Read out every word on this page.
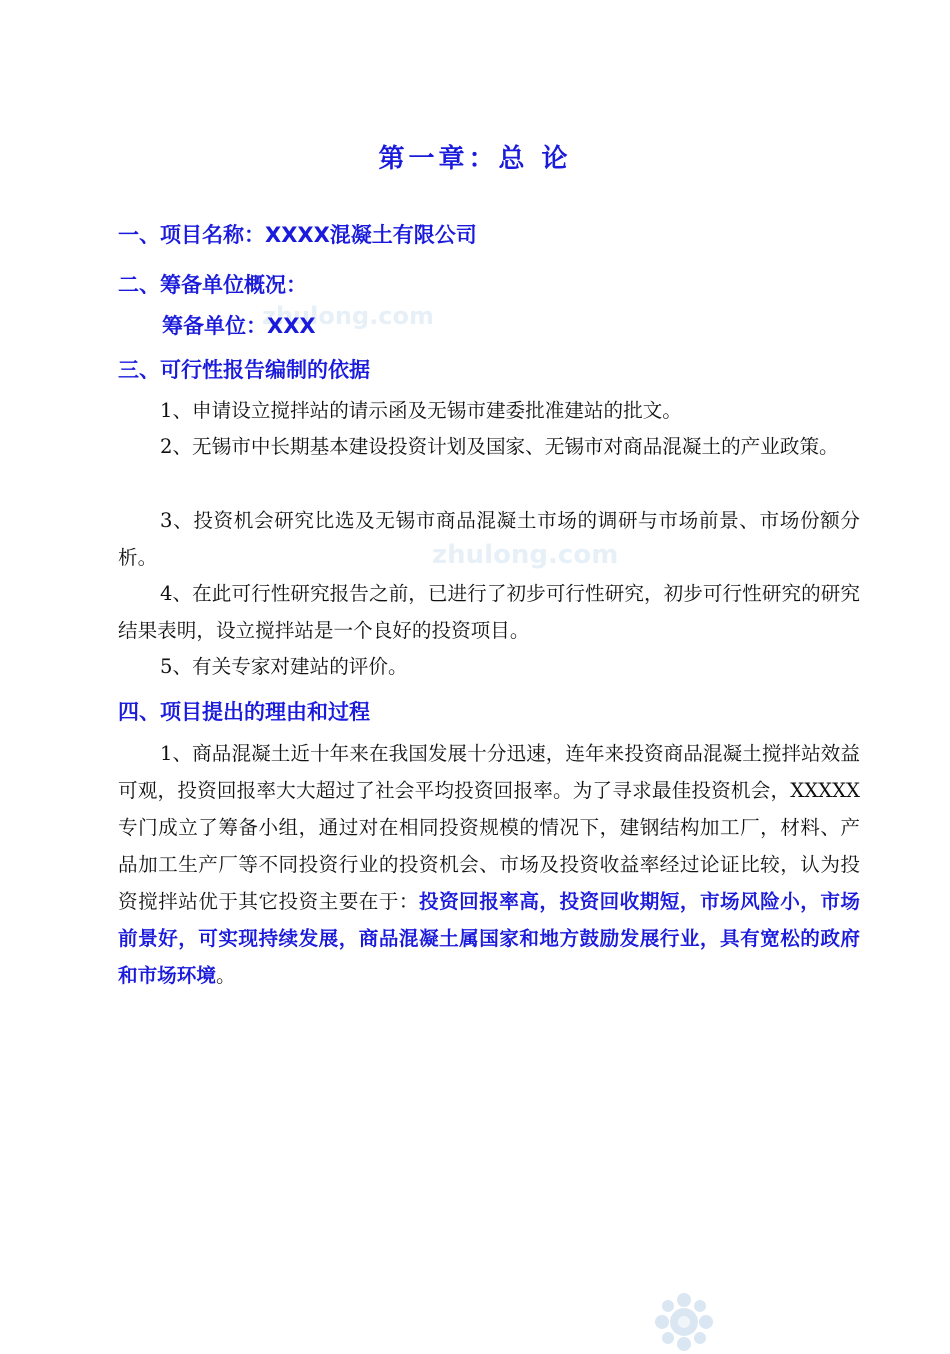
zhulong.com
zhulong.com
第一章：总 论
一、项目名称：XXXX混凝土有限公司
二、筹备单位概况：
筹备单位：XXX
三、可行性报告编制的依据
1、申请设立搅拌站的请示函及无锡市建委批准建站的批文。
2、无锡市中长期基本建设投资计划及国家、无锡市对商品混凝土的产业政策。
3、投资机会研究比选及无锡市商品混凝土市场的调研与市场前景、市场份额分析。
4、在此可行性研究报告之前，已进行了初步可行性研究，初步可行性研究的研究结果表明，设立搅拌站是一个良好的投资项目。
5、有关专家对建站的评价。
四、项目提出的理由和过程
1、商品混凝土近十年来在我国发展十分迅速，连年来投资商品混凝土搅拌站效益可观，投资回报率大大超过了社会平均投资回报率。为了寻求最佳投资机会，XXXXX专门成立了筹备小组，通过对在相同投资规模的情况下，建钢结构加工厂，材料、产品加工生产厂等不同投资行业的投资机会、市场及投资收益率经过论证比较，认为投资搅拌站优于其它投资主要在于：投资回报率高，投资回收期短，市场风险小，市场前景好，可实现持续发展，商品混凝土属国家和地方鼓励发展行业，具有宽松的政府和市场环境。
